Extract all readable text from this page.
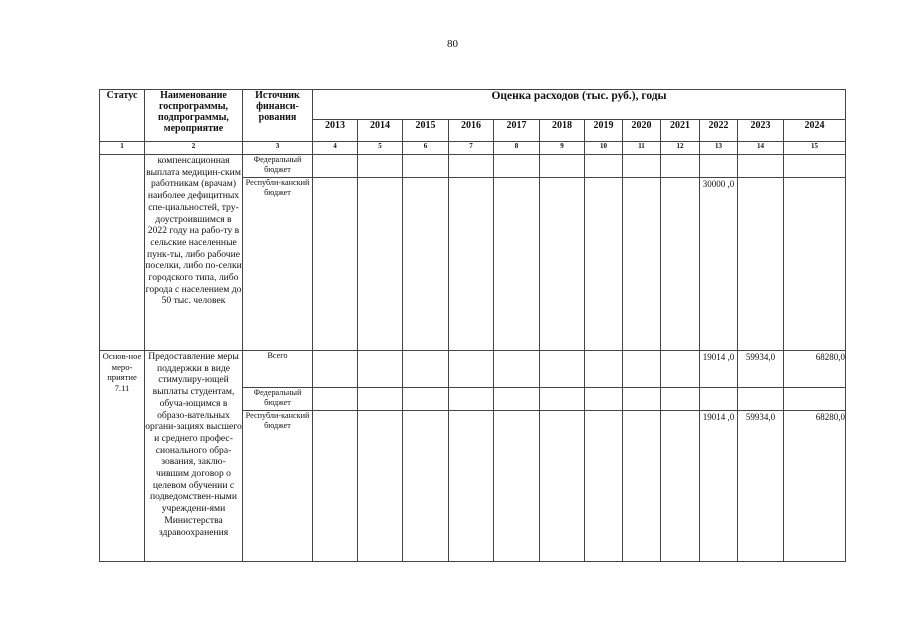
80
Статус	Наименование госпрограммы, подпрограммы, мероприятие	Источник финанси-рования	Оценка расходов (тыс. руб.), годы											
			2013	2014	2015	2016	2017	2018	2019	2020	2021	2022	2023	2024
1	2	3	4	5	6	7	8	9	10	11	12	13	14	15
	компенсационная выплата медицин-ским работникам (врачам) наиболее дефицитных спе-циальностей, тру-доустроившимся в 2022 году на рабо-ту в сельские населенные пунк-ты, либо рабочие поселки, либо по-селки городского типа, либо города с населением до 50 тыс. человек	Федеральный бюджет												
		Республи-канский бюджет										30000 ,0		
Основ-ное меро-приятие 7.11	Предоставление меры поддержки в виде стимулиру-ющей выплаты студентам, обуча-ющимся в образо-вательных органи-зациях высшего и среднего профес-сионального обра-зования, заклю-чившим договор о целевом обучении с подведомствен-ными учреждени-ями Министерства здравоохранения	Всего										19014 ,0	59934,0	68280,0
		Федеральный бюджет												
		Республи-канский бюджет										19014 ,0	59934,0	68280,0
